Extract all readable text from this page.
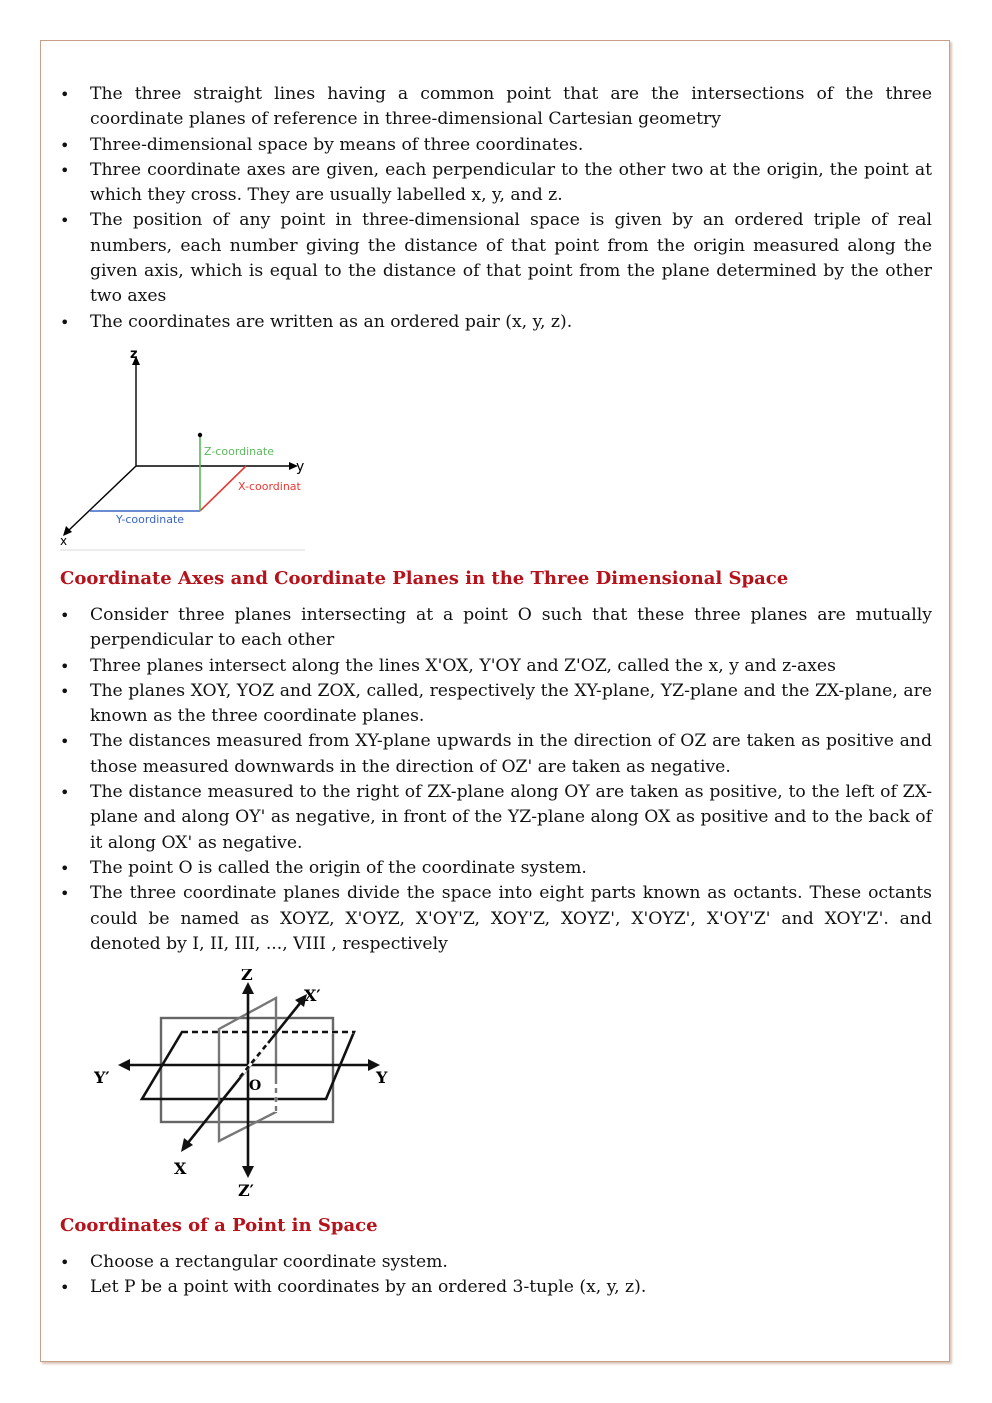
• The three straight lines having a common point that are the intersections of the three coordinate planes of reference in three-dimensional Cartesian geometry
• Three-dimensional space by means of three coordinates.
• Three coordinate axes are given, each perpendicular to the other two at the origin, the point at which they cross. They are usually labelled x, y, and z.
• The position of any point in three-dimensional space is given by an ordered triple of real numbers, each number giving the distance of that point from the origin measured along the given axis, which is equal to the distance of that point from the plane determined by the other two axes
• The coordinates are written as an ordered pair (x, y, z).
z
y
x
Z-coordinate
X-coordinat
Y-coordinate
Coordinate Axes and Coordinate Planes in the Three Dimensional Space
• Consider three planes intersecting at a point O such that these three planes are mutually perpendicular to each other
• Three planes intersect along the lines X'OX, Y'OY and Z'OZ, called the x, y and z-axes
• The planes XOY, YOZ and ZOX, called, respectively the XY-plane, YZ-plane and the ZX-plane, are known as the three coordinate planes.
• The distances measured from XY-plane upwards in the direction of OZ are taken as positive and those measured downwards in the direction of OZ' are taken as negative.
• The distance measured to the right of ZX-plane along OY are taken as positive, to the left of ZX-plane and along OY' as negative, in front of the YZ-plane along OX as positive and to the back of it along OX' as negative.
• The point O is called the origin of the coordinate system.
• The three coordinate planes divide the space into eight parts known as octants. These octants could be named as XOYZ, X'OYZ, X'OY'Z, XOY'Z, XOYZ', X'OYZ', X'OY'Z' and XOY'Z'. and denoted by I, II, III, ..., VIII , respectively
Z
Z′
X′
X
Y
Y′	O
Coordinates of a Point in Space
• Choose a rectangular coordinate system.
• Let P be a point with coordinates by an ordered 3-tuple (x, y, z).
